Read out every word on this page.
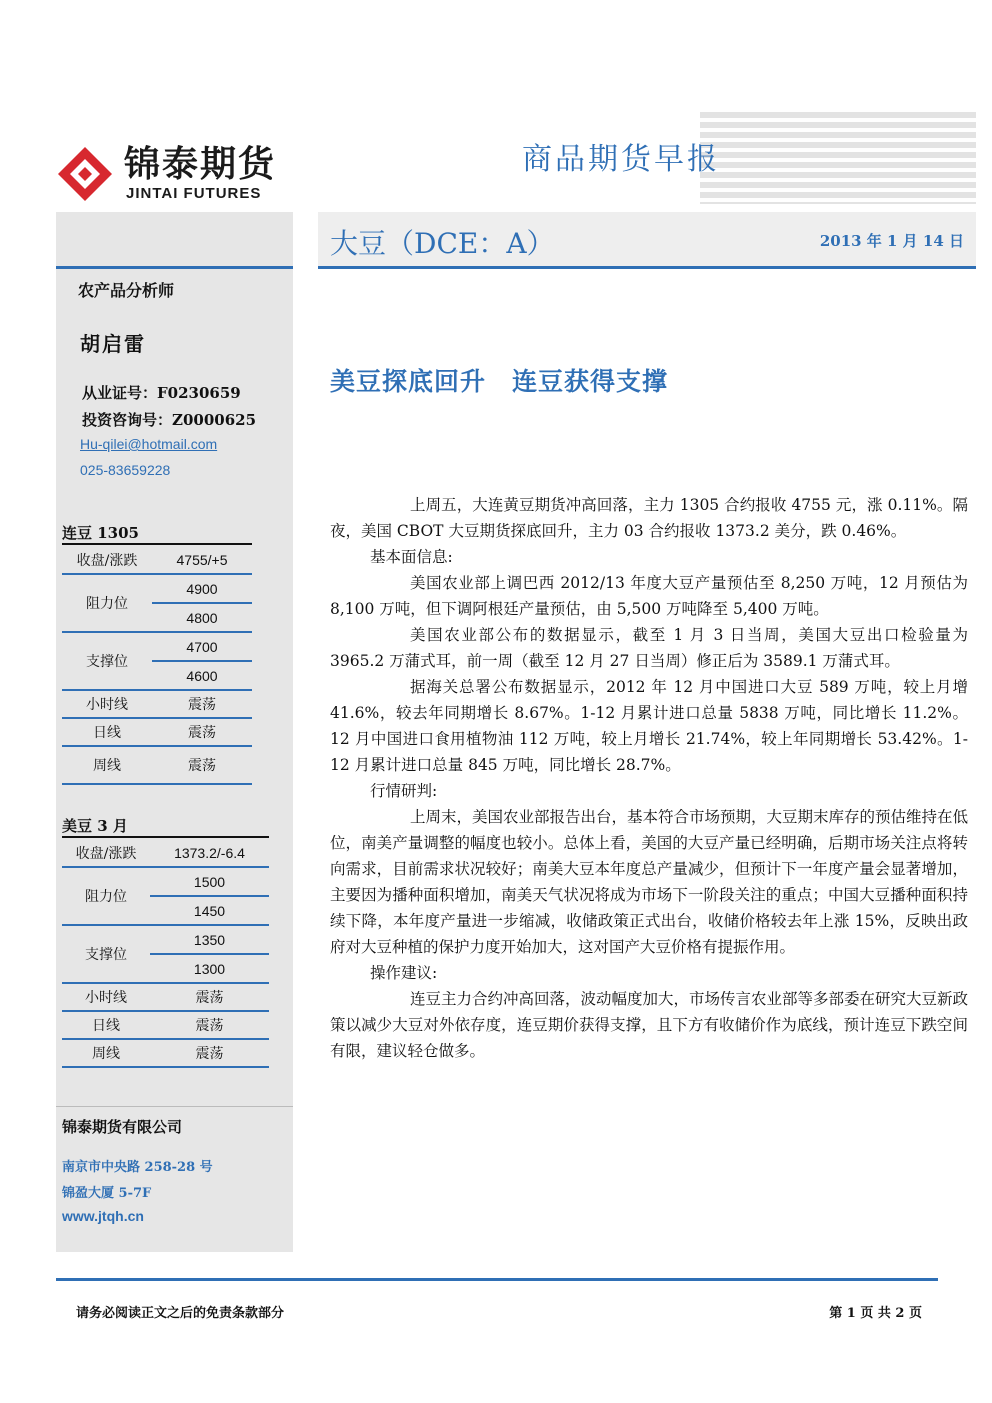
锦泰期货
JINTAI FUTURES
商品期货早报
大豆（DCE：A）	2013 年 1 月 14 日
农产品分析师
胡启雷
从业证号：F0230659
投资咨询号：Z0000625
Hu-qilei@hotmail.com
025-83659228
连豆 1305
收盘/涨跌	4755/+5
阻力位	4900
	4800
支撑位	4700
	4600
小时线	震荡
日线	震荡
周线	震荡
美豆 3 月
收盘/涨跌	1373.2/-6.4
阻力位	1500
	1450
支撑位	1350
	1300
小时线	震荡
日线	震荡
周线	震荡
锦泰期货有限公司
南京市中央路 258-28 号
锦盈大厦 5-7F
www.jtqh.cn
美豆探底回升　连豆获得支撑

上周五，大连黄豆期货冲高回落，主力 1305 合约报收 4755 元，涨 0.11%。隔夜，美国 CBOT 大豆期货探底回升，主力 03 合约报收 1373.2 美分，跌 0.46%。

基本面信息:

美国农业部上调巴西 2012/13 年度大豆产量预估至 8,250 万吨，12 月预估为 8,100 万吨，但下调阿根廷产量预估，由 5,500 万吨降至 5,400 万吨。

美国农业部公布的数据显示，截至 1 月 3 日当周，美国大豆出口检验量为 3965.2 万蒲式耳，前一周（截至 12 月 27 日当周）修正后为 3589.1 万蒲式耳。

据海关总署公布数据显示，2012 年 12 月中国进口大豆 589 万吨，较上月增 41.6%，较去年同期增长 8.67%。1-12 月累计进口总量 5838 万吨，同比增长 11.2%。12 月中国进口食用植物油 112 万吨，较上月增长 21.74%，较上年同期增长 53.42%。1-12 月累计进口总量 845 万吨，同比增长 28.7%。

行情研判:

上周末，美国农业部报告出台，基本符合市场预期，大豆期末库存的预估维持在低位，南美产量调整的幅度也较小。总体上看，美国的大豆产量已经明确，后期市场关注点将转向需求，目前需求状况较好；南美大豆本年度总产量减少，但预计下一年度产量会显著增加，主要因为播种面积增加，南美天气状况将成为市场下一阶段关注的重点；中国大豆播种面积持续下降，本年度产量进一步缩减，收储政策正式出台，收储价格较去年上涨 15%，反映出政府对大豆种植的保护力度开始加大，这对国产大豆价格有提振作用。

操作建议:

连豆主力合约冲高回落，波动幅度加大，市场传言农业部等多部委在研究大豆新政策以减少大豆对外依存度，连豆期价获得支撑，且下方有收储价作为底线，预计连豆下跌空间有限，建议轻仓做多。

请务必阅读正文之后的免责条款部分	第 1 页 共 2 页
